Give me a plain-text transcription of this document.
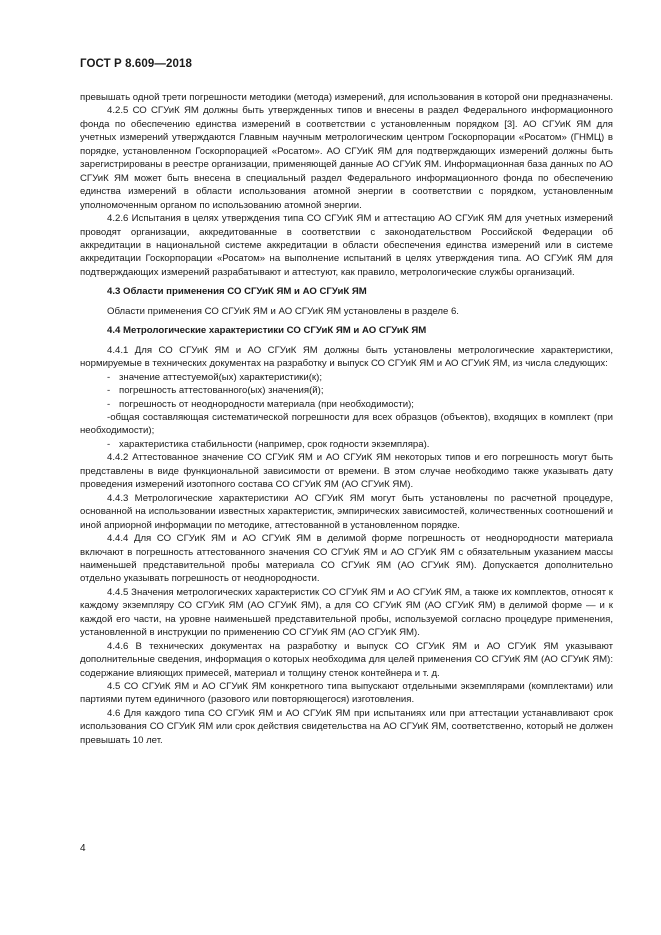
ГОСТ Р 8.609—2018

превышать одной трети погрешности методики (метода) измерений, для использования в которой они предназначены.

4.2.5 СО СГУиК ЯМ должны быть утвержденных типов и внесены в раздел Федерального информационного фонда по обеспечению единства измерений в соответствии с установленным порядком [3]. АО СГУиК ЯМ для учетных измерений утверждаются Главным научным метрологическим центром Госкорпорации «Росатом» (ГНМЦ) в порядке, установленном Госкорпорацией «Росатом». АО СГУиК ЯМ для подтверждающих измерений должны быть зарегистрированы в реестре организации, применяющей данные АО СГУиК ЯМ. Информационная база данных по АО СГУиК ЯМ может быть внесена в специальный раздел Федерального информационного фонда по обеспечению единства измерений в области использования атомной энергии в соответствии с порядком, установленным уполномоченным органом по использованию атомной энергии.

4.2.6 Испытания в целях утверждения типа СО СГУиК ЯМ и аттестацию АО СГУиК ЯМ для учетных измерений проводят организации, аккредитованные в соответствии с законодательством Российской Федерации об аккредитации в национальной системе аккредитации в области обеспечения единства измерений или в системе аккредитации Госкорпорации «Росатом» на выполнение испытаний в целях утверждения типа. АО СГУиК ЯМ для подтверждающих измерений разрабатывают и аттестуют, как правило, метрологические службы организаций.

4.3 Области применения СО СГУиК ЯМ и АО СГУиК ЯМ

Области применения СО СГУиК ЯМ и АО СГУиК ЯМ установлены в разделе 6.

4.4 Метрологические характеристики СО СГУиК ЯМ и АО СГУиК ЯМ

4.4.1 Для СО СГУиК ЯМ и АО СГУиК ЯМ должны быть установлены метрологические характеристики, нормируемые в технических документах на разработку и выпуск СО СГУиК ЯМ и АО СГУиК ЯМ, из числа следующих:

- значение аттестуемой(ых) характеристики(к);

- погрешность аттестованного(ых) значения(й);

- погрешность от неоднородности материала (при необходимости);

-общая составляющая систематической погрешности для всех образцов (объектов), входящих в комплект (при необходимости);

- характеристика стабильности (например, срок годности экземпляра).

4.4.2 Аттестованное значение СО СГУиК ЯМ и АО СГУиК ЯМ некоторых типов и его погрешность могут быть представлены в виде функциональной зависимости от времени. В этом случае необходимо также указывать дату проведения измерений изотопного состава СО СГУиК ЯМ (АО СГУиК ЯМ).

4.4.3 Метрологические характеристики АО СГУиК ЯМ могут быть установлены по расчетной процедуре, основанной на использовании известных характеристик, эмпирических зависимостей, количественных соотношений и иной априорной информации по методике, аттестованной в установленном порядке.

4.4.4 Для СО СГУиК ЯМ и АО СГУиК ЯМ в делимой форме погрешность от неоднородности материала включают в погрешность аттестованного значения СО СГУиК ЯМ и АО СГУиК ЯМ с обязательным указанием массы наименьшей представительной пробы материала СО СГУиК ЯМ (АО СГУиК ЯМ). Допускается дополнительно отдельно указывать погрешность от неоднородности.

4.4.5 Значения метрологических характеристик СО СГУиК ЯМ и АО СГУиК ЯМ, а также их комплектов, относят к каждому экземпляру СО СГУиК ЯМ (АО СГУиК ЯМ), а для СО СГУиК ЯМ (АО СГУиК ЯМ) в делимой форме — и к каждой его части, на уровне наименьшей представительной пробы, используемой согласно процедуре применения, установленной в инструкции по применению СО СГУиК ЯМ (АО СГУиК ЯМ).

4.4.6 В технических документах на разработку и выпуск СО СГУиК ЯМ и АО СГУиК ЯМ указывают дополнительные сведения, информация о которых необходима для целей применения СО СГУиК ЯМ (АО СГУиК ЯМ): содержание влияющих примесей, материал и толщину стенок контейнера и т. д.

4.5 СО СГУиК ЯМ и АО СГУиК ЯМ конкретного типа выпускают отдельными экземплярами (комплектами) или партиями путем единичного (разового или повторяющегося) изготовления.

4.6 Для каждого типа СО СГУиК ЯМ и АО СГУиК ЯМ при испытаниях или при аттестации устанавливают срок использования СО СГУиК ЯМ или срок действия свидетельства на АО СГУиК ЯМ, соответственно, который не должен превышать 10 лет.

4
